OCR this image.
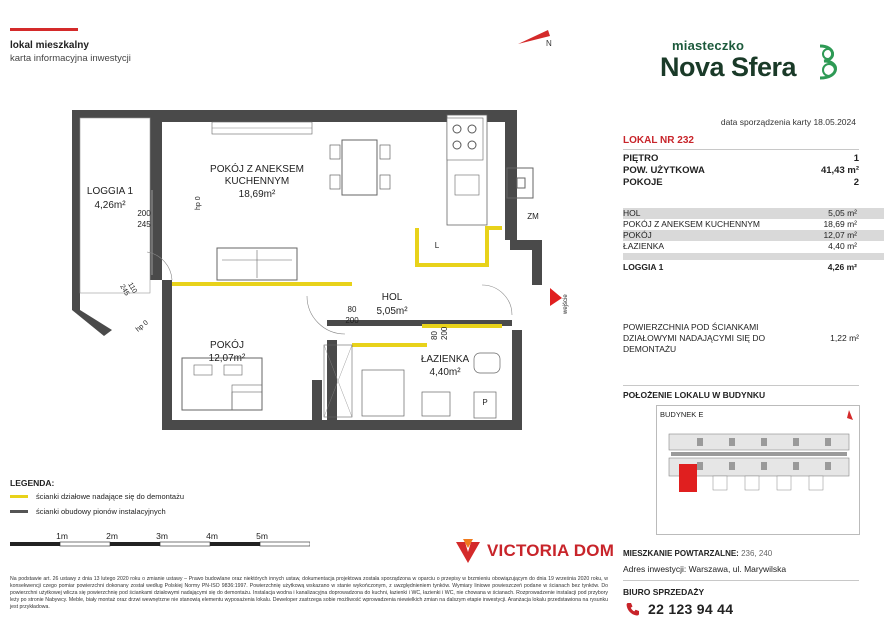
lokal mieszkalny
karta informacyjna inwestycji
N	miasteczko
Nova Sfera
data sporządzenia karty 18.05.2024
LOKAL NR 232
PIĘTRO	1
POW. UŻYTKOWA	41,43 m²
POKOJE	2
HOL	5,05 m²
POKÓJ Z ANEKSEM KUCHENNYM	18,69 m²
POKÓJ	12,07 m²
ŁAZIENKA	4,40 m²
LOGGIA 1	4,26 m²
POWIERZCHNIA POD ŚCIANKAMI DZIAŁOWYMI NADAJĄCYMI SIĘ DO DEMONTAŻU
1,22 m²
POŁOŻENIE LOKALU W BUDYNKU
BUDYNEK E
MIESZKANIE POWTARZALNE: 236, 240
Adres inwestycji: Warszawa, ul. Marywilska
BIURO SPRZEDAŻY
22 123 94 44
LOGGIA 1
4,26m²
POKÓJ Z ANEKSEM
KUCHENNYM
18,69m²
HOL
5,05m²
POKÓJ
12,07m²	ŁAZIENKA
4,40m²
ZM
L
P
wejście
200
245
80
200
80 200
110
245
hp 0
hp 0
LEGENDA:
ścianki działowe nadające się do demontażu
ścianki obudowy pionów instalacyjnych
1m	2m	3m	4m	5m
VICTORIA DOM
Na podstawie art. 26 ustawy z dnia 13 lutego 2020 roku o zmianie ustawy – Prawo budowlane oraz niektórych innych ustaw, dokumentacja projektowa została sporządzona w oparciu o przepisy w brzmieniu obowiązującym do dnia 19 września 2020 roku, w konsekwencji czego pomiar powierzchni dokonany został według Polskiej Normy PN-ISO 9836:1997. Powierzchnię użytkową wskazano w stanie wykończonym, z uwzględnieniem tynków. Wymiary liniowe powieszczeń podane w ścianach bez tynków. Do powierzchni użytkowej wlicza się powierzchnię pod ściankami działowymi nadającymi się do demontażu. Instalacja wodna i kanalizacyjna doprowadzona do kuchni, łazienki i WC, łazienki i WC, nie chowana w ścianach. Rozprowadzenie instalacji pod przybory leży po stronie Nabywcy. Meble, biały montaż oraz drzwi wewnętrzne nie stanowią elementu wyposażenia lokalu. Deweloper zastrzega sobie możliwość wprowadzenia niewielkich zmian na dalszym etapie inwestycji. Aranżacja lokalu przedstawiona na rysunku jest przykładowa.
